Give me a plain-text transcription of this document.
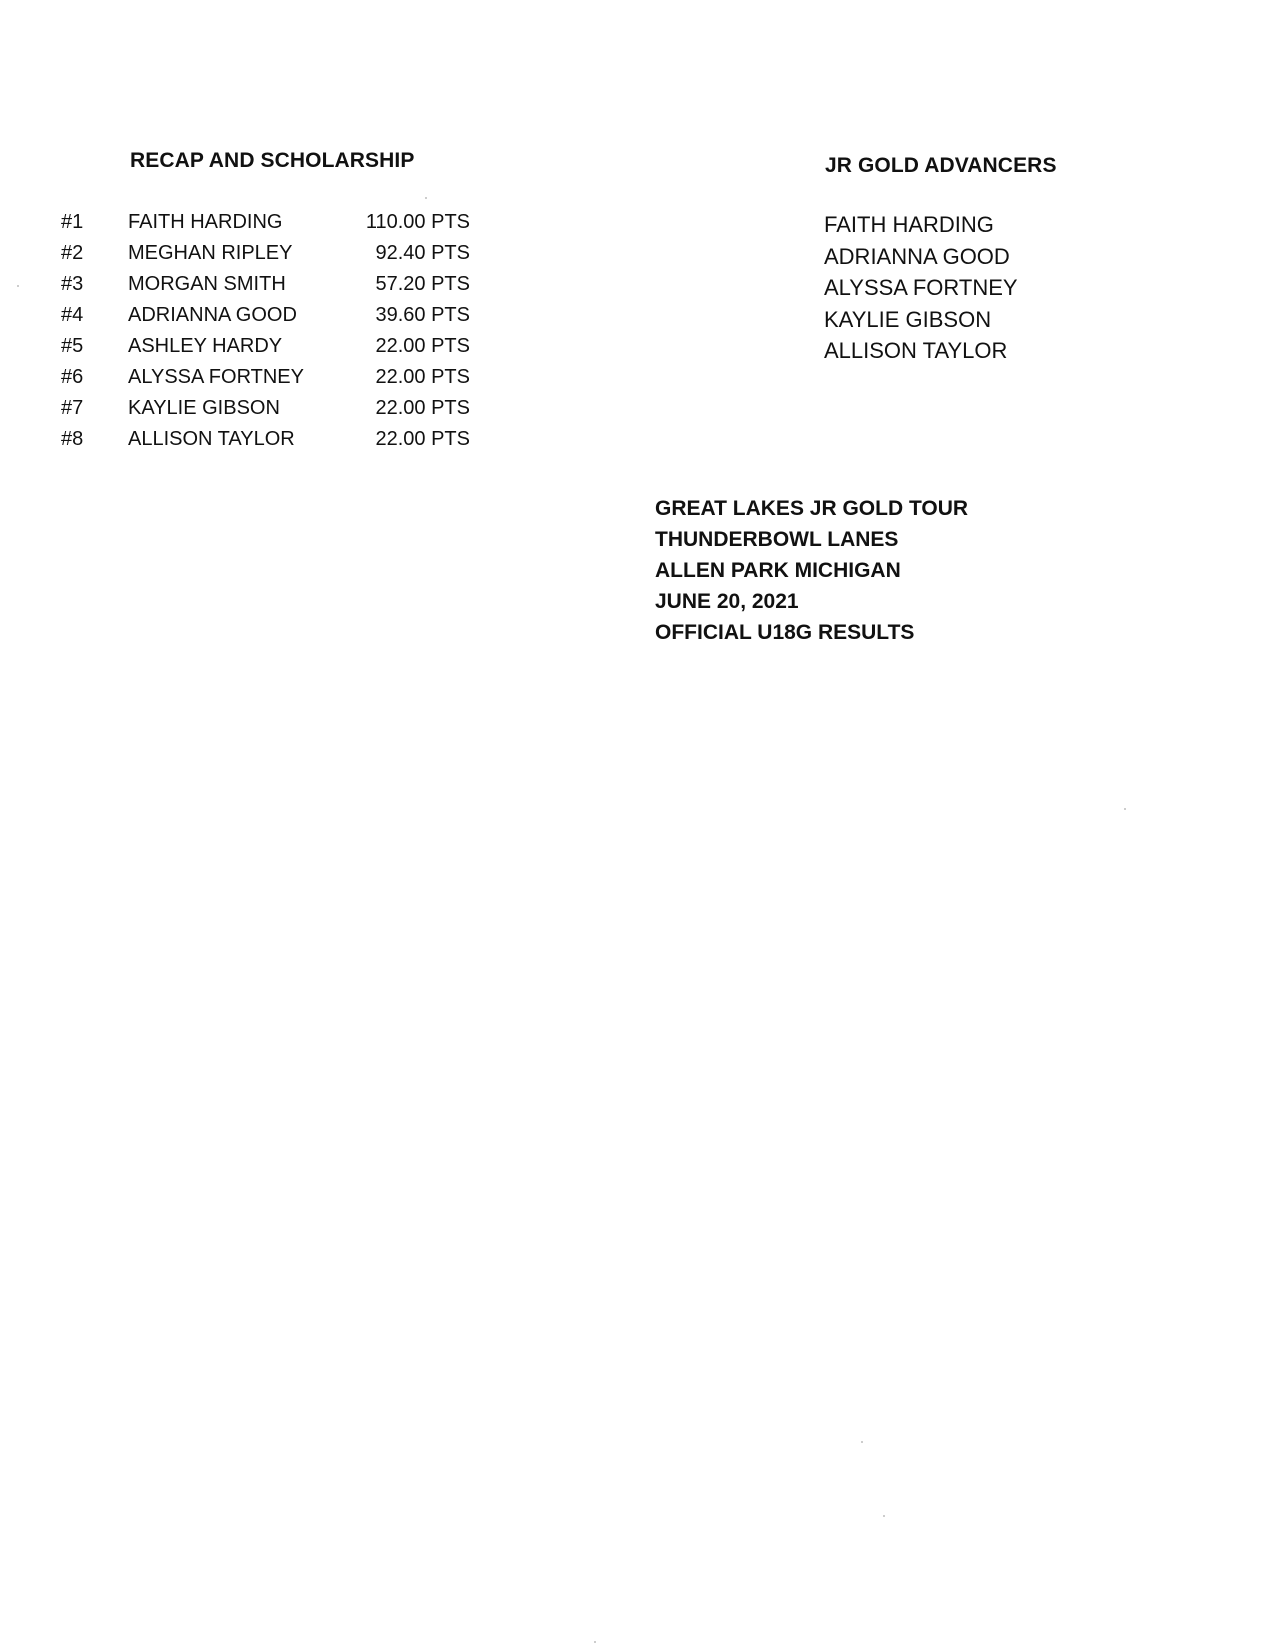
RECAP AND SCHOLARSHIP
#1 FAITH HARDING	110.00 PTS
#2 MEGHAN RIPLEY	92.40 PTS
#3 MORGAN SMITH	57.20 PTS
#4 ADRIANNA GOOD	39.60 PTS
#5 ASHLEY HARDY	22.00 PTS
#6 ALYSSA FORTNEY	22.00 PTS
#7 KAYLIE GIBSON	22.00 PTS
#8 ALLISON TAYLOR	22.00 PTS
JR GOLD ADVANCERS
FAITH HARDING
ADRIANNA GOOD
ALYSSA FORTNEY
KAYLIE GIBSON
ALLISON TAYLOR
GREAT LAKES JR GOLD TOUR
THUNDERBOWL LANES
ALLEN PARK MICHIGAN
JUNE 20, 2021
OFFICIAL U18G RESULTS
